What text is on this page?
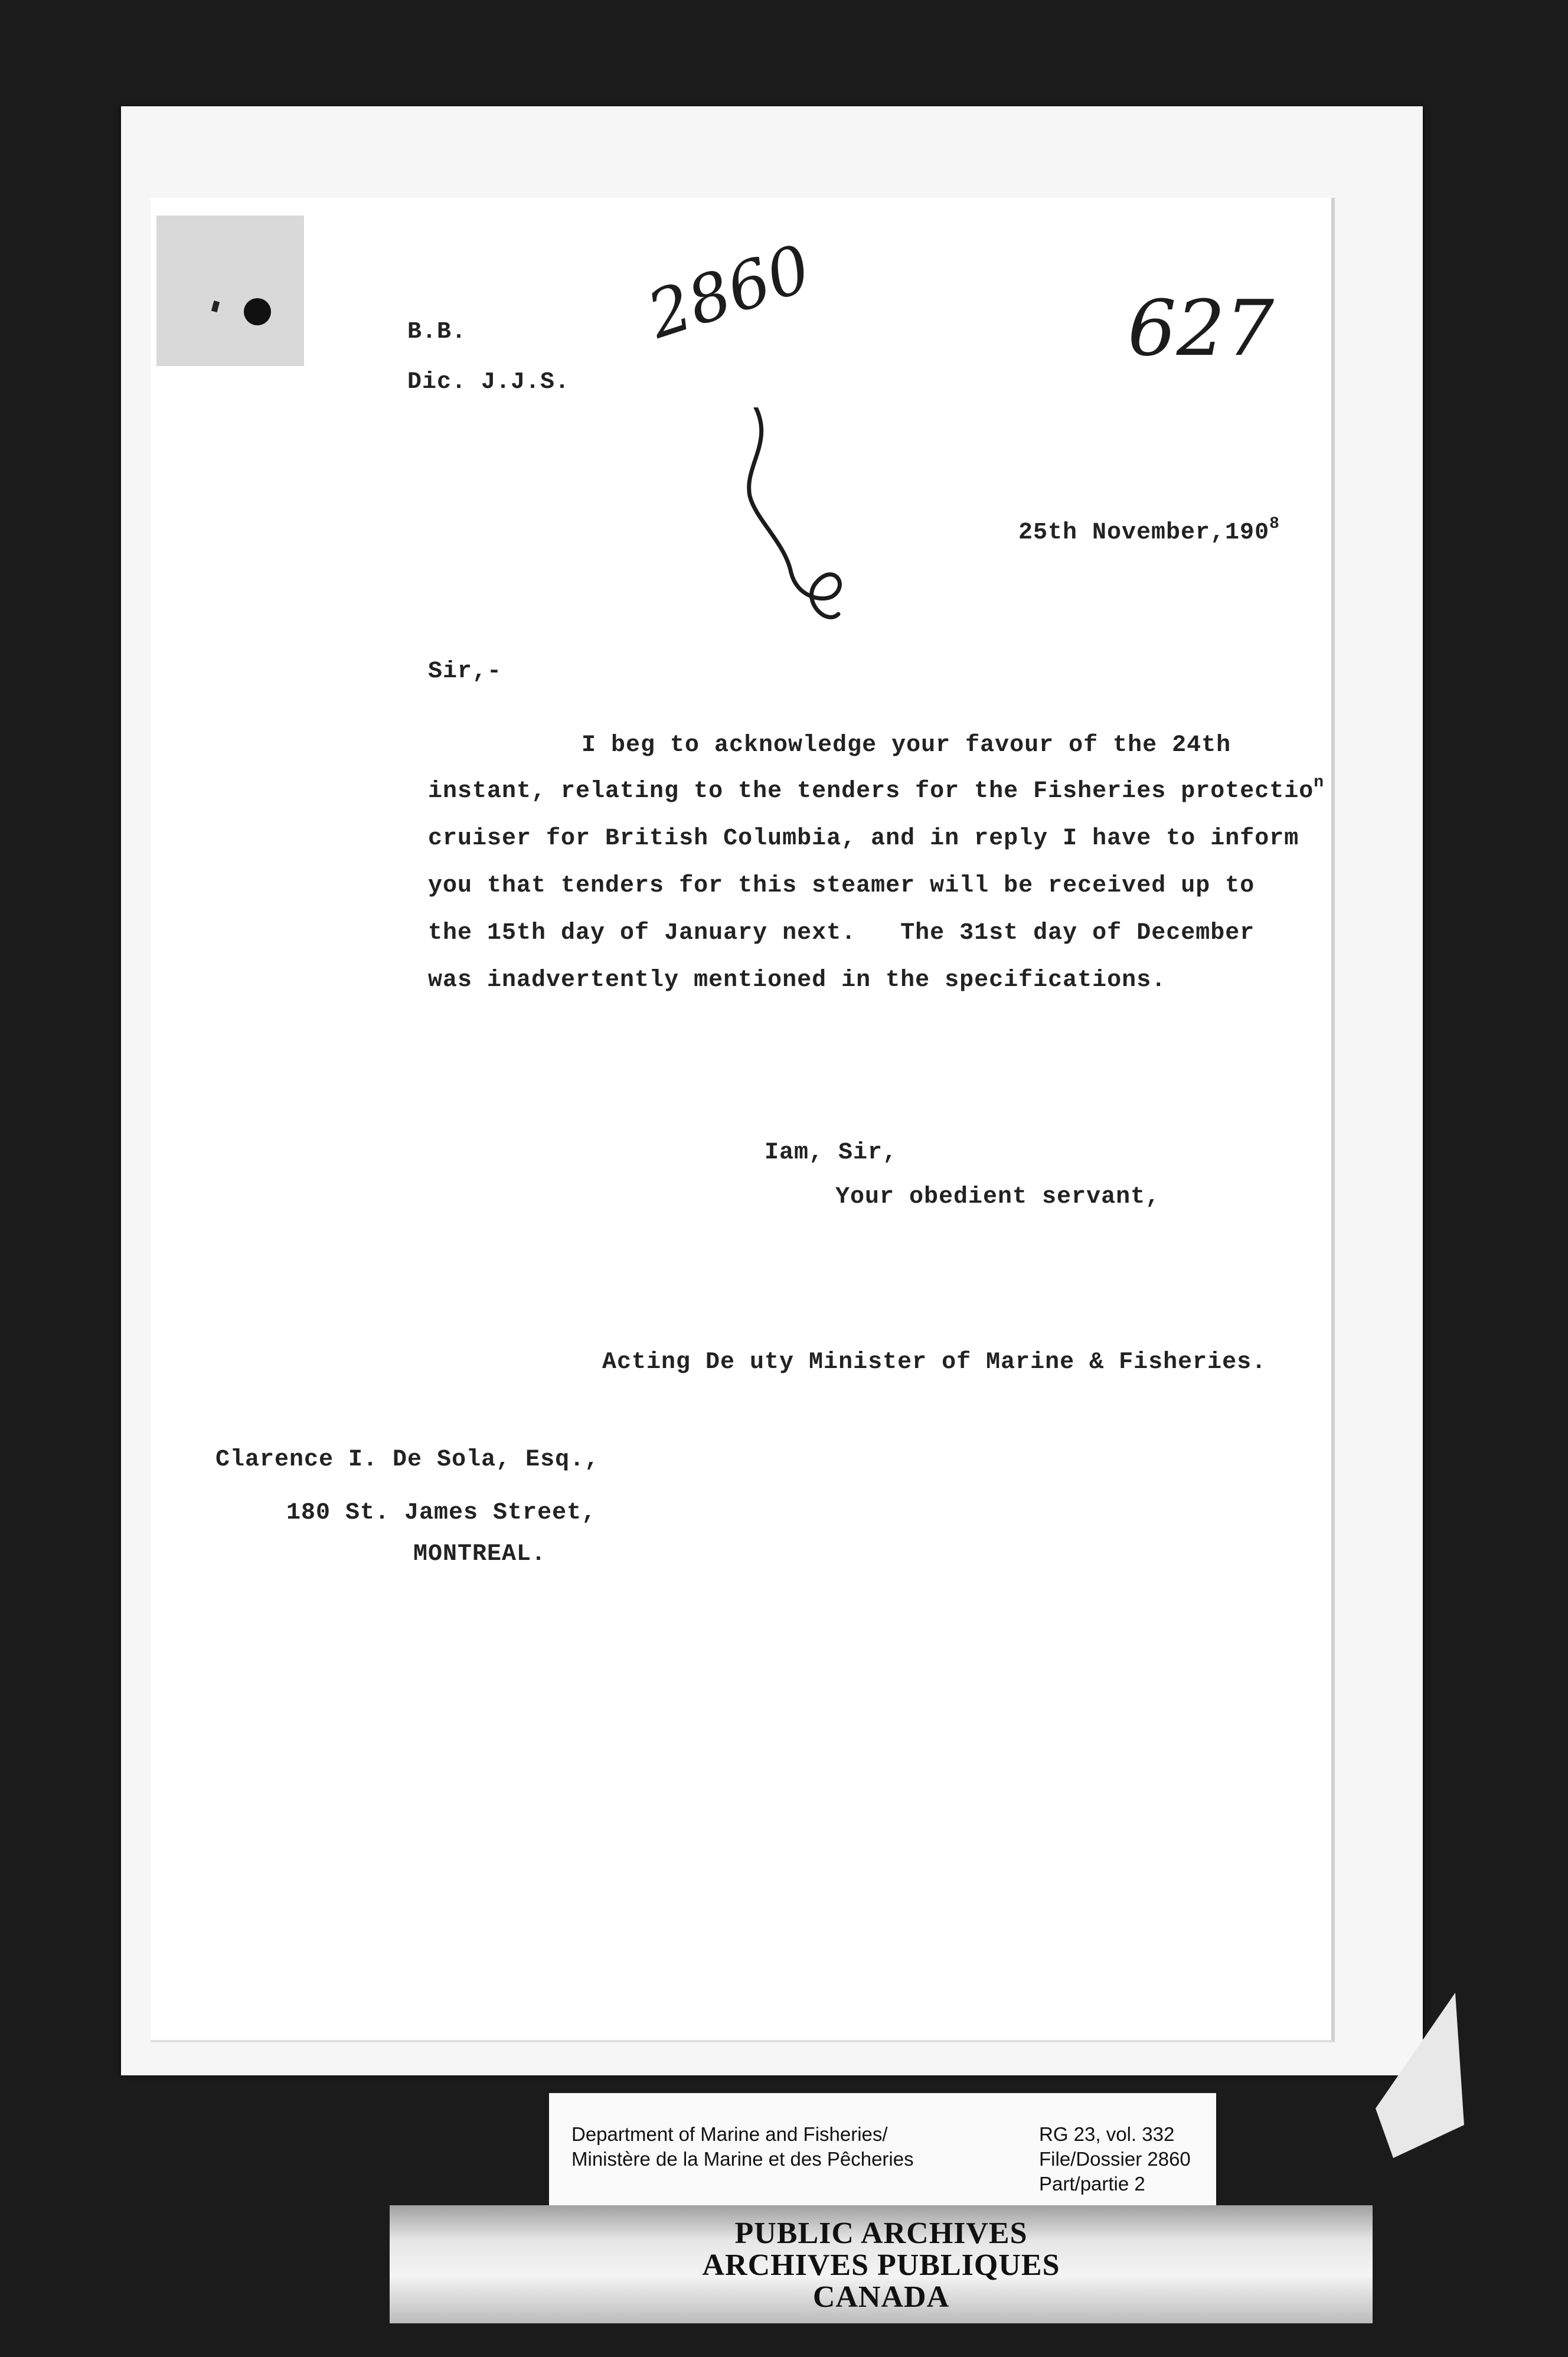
2860	627
B.B.
Dic. J.J.S.
25th November,190$^8$
Sir,-
I beg to acknowledge your favour of the 24th
instant, relating to the tenders for the Fisheries protectio$^n$
cruiser for British Columbia, and in reply I have to inform
you that tenders for this steamer will be received up to
the 15th day of January next.   The 31st day of December
was inadvertently mentioned in the specifications.
Iam, Sir,
Your obedient servant,
Acting De uty Minister of Marine & Fisheries.
Clarence I. De Sola, Esq.,
180 St. James Street,
MONTREAL.
Department of Marine and Fisheries/
Ministère de la Marine et des Pêcheries
RG 23, vol. 332
File/Dossier 2860
Part/partie 2
PUBLIC ARCHIVES
ARCHIVES PUBLIQUES
CANADA
